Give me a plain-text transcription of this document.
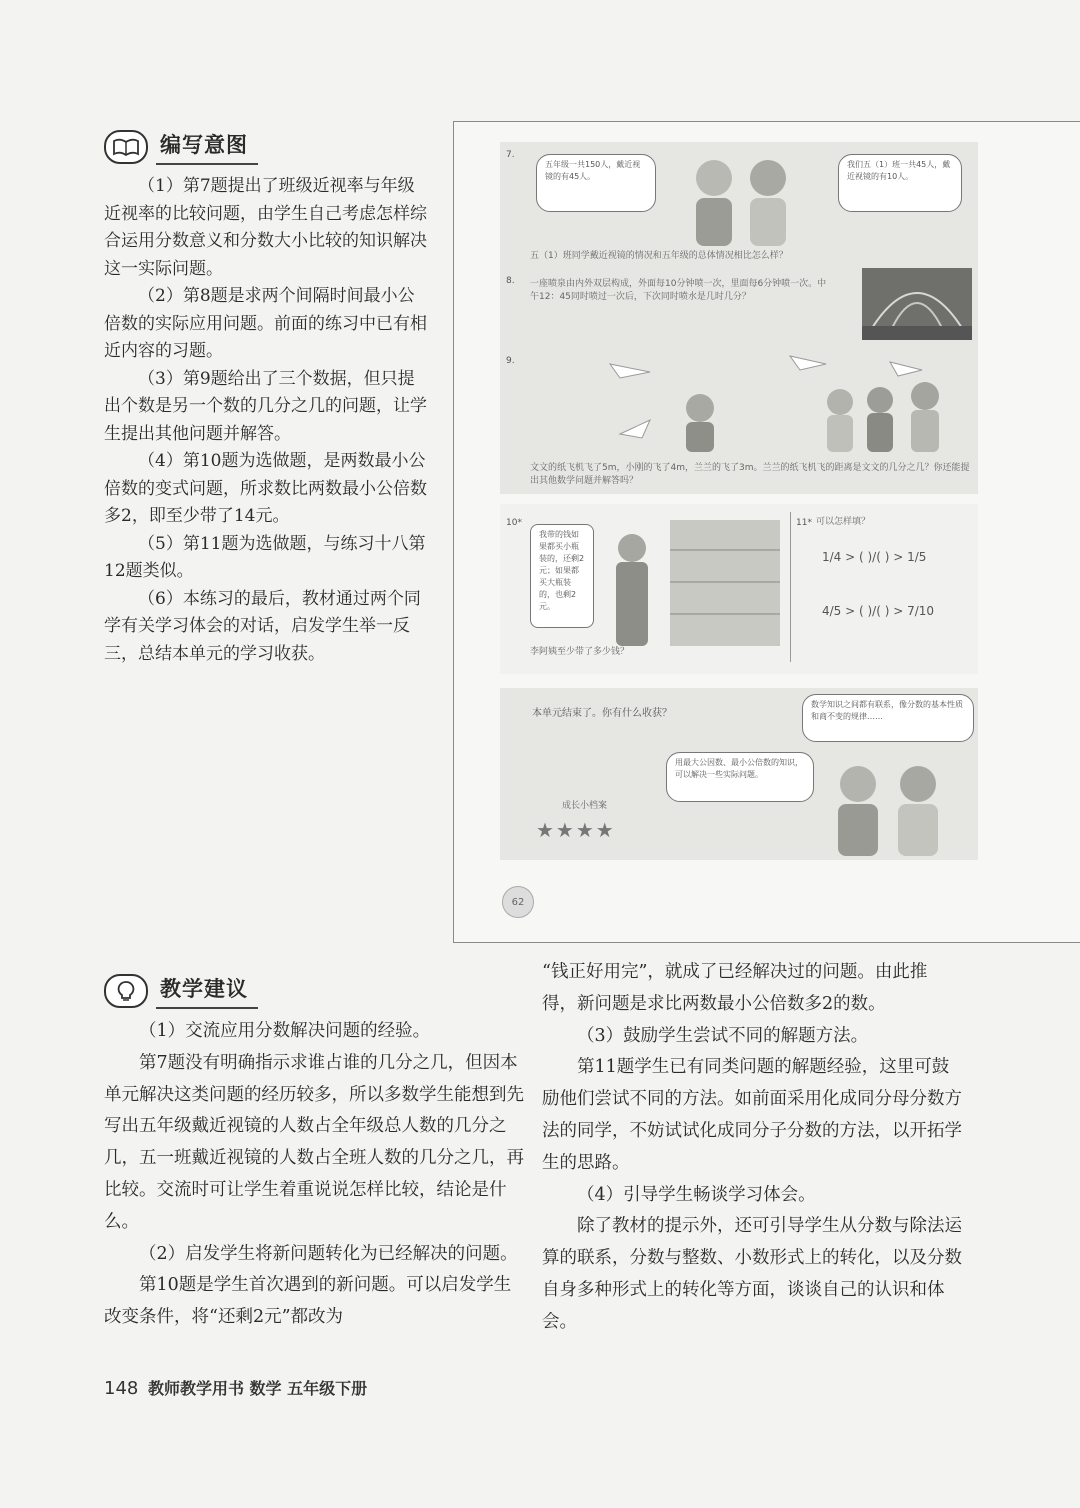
编写意图

（1）第7题提出了班级近视率与年级近视率的比较问题，由学生自己考虑怎样综合运用分数意义和分数大小比较的知识解决这一实际问题。

（2）第8题是求两个间隔时间最小公倍数的实际应用问题。前面的练习中已有相近内容的习题。

（3）第9题给出了三个数据，但只提出个数是另一个数的几分之几的问题，让学生提出其他问题并解答。

（4）第10题为选做题，是两数最小公倍数的变式问题，所求数比两数最小公倍数多2，即至少带了14元。

（5）第11题为选做题，与练习十八第12题类似。

（6）本练习的最后，教材通过两个同学有关学习体会的对话，启发学生举一反三，总结本单元的学习收获。

7.
五年级一共150人，戴近视镜的有45人。
我们五（1）班一共45人，戴近视镜的有10人。
五（1）班同学戴近视镜的情况和五年级的总体情况相比怎么样？
8. 一座喷泉由内外双层构成，外面每10分钟喷一次，里面每6分钟喷一次。中午12：45同时喷过一次后，下次同时喷水是几时几分？
9.
文文的纸飞机飞了5m，小刚的飞了4m，兰兰的飞了3m。兰兰的纸飞机飞的距离是文文的几分之几？你还能提出其他数学问题并解答吗？
10*
我带的钱如果都买小瓶装的，还剩2元；如果都买大瓶装的，也剩2元。
李阿姨至少带了多少钱？
11* 可以怎样填？
1/4 > ( )/( ) > 1/5
4/5 > ( )/( ) > 7/10
本单元结束了。你有什么收获？
数学知识之间都有联系，像分数的基本性质和商不变的规律……
用最大公因数、最小公倍数的知识，可以解决一些实际问题。
成长小档案
★★★★
62
教学建议

（1）交流应用分数解决问题的经验。

第7题没有明确指示求谁占谁的几分之几，但因本单元解决这类问题的经历较多，所以多数学生能想到先写出五年级戴近视镜的人数占全年级总人数的几分之几，五一班戴近视镜的人数占全班人数的几分之几，再比较。交流时可让学生着重说说怎样比较，结论是什么。

（2）启发学生将新问题转化为已经解决的问题。

第10题是学生首次遇到的新问题。可以启发学生改变条件，将“还剩2元”都改为

“钱正好用完”，就成了已经解决过的问题。由此推得，新问题是求比两数最小公倍数多2的数。

（3）鼓励学生尝试不同的解题方法。

第11题学生已有同类问题的解题经验，这里可鼓励他们尝试不同的方法。如前面采用化成同分母分数方法的同学，不妨试试化成同分子分数的方法，以开拓学生的思路。

（4）引导学生畅谈学习体会。

除了教材的提示外，还可引导学生从分数与除法运算的联系，分数与整数、小数形式上的转化，以及分数自身多种形式上的转化等方面，谈谈自己的认识和体会。

148 教师教学用书 数学 五年级下册
